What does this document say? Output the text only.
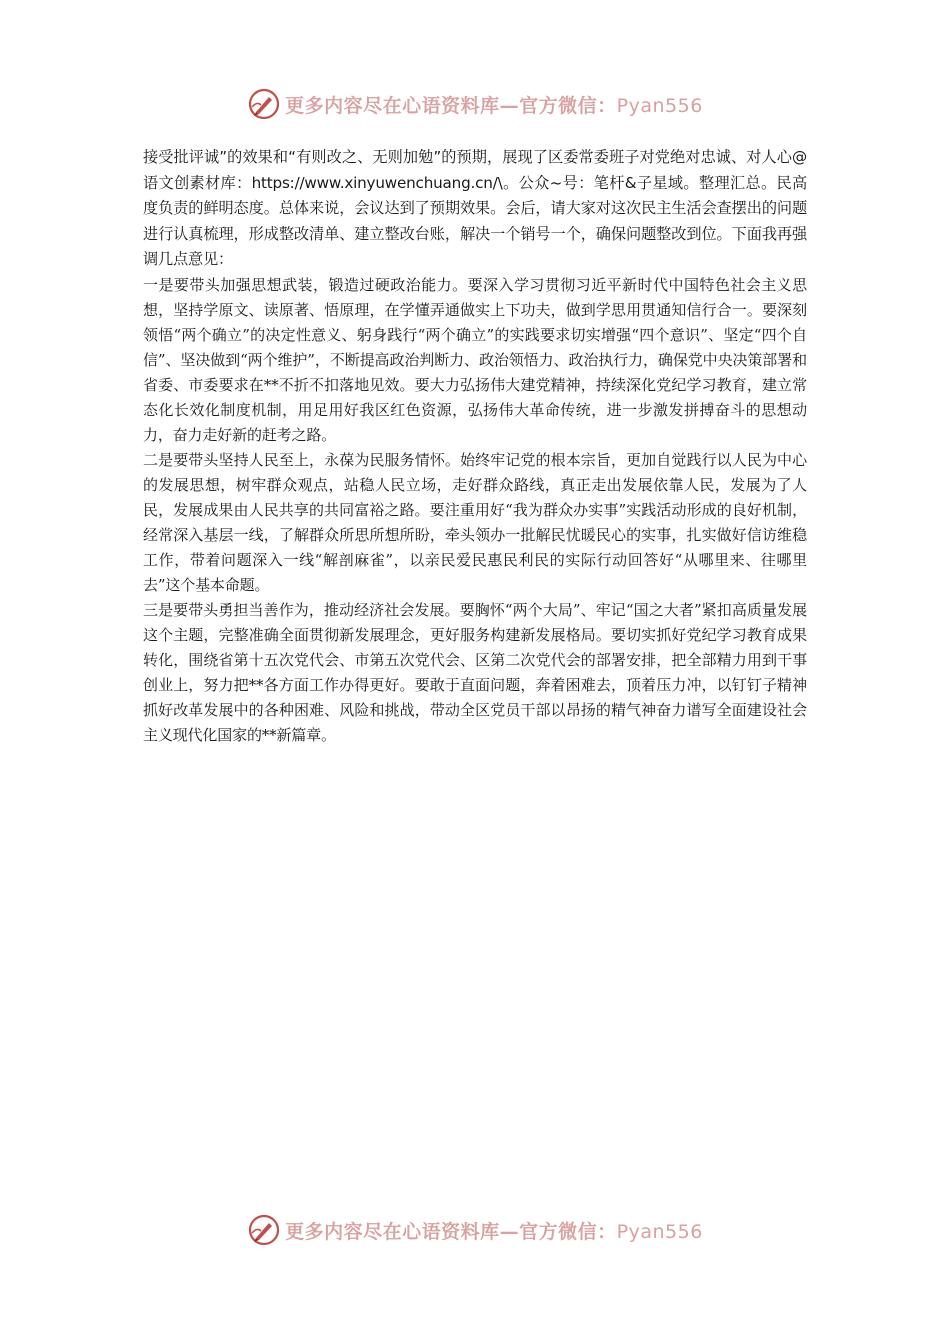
更多内容尽在心语资料库—官方微信：Pyan556

接受批评诚”的效果和“有则改之、无则加勉”的预期，展现了区委常委班子对党绝对忠诚、对人心@语文创素材库：https://www.xinyuwenchuang.cn/\。公众~号：笔杆&子星域。整理汇总。民高度负责的鲜明态度。总体来说，会议达到了预期效果。会后，请大家对这次民主生活会查摆出的问题进行认真梳理，形成整改清单、建立整改台账，解决一个销号一个，确保问题整改到位。下面我再强调几点意见：

一是要带头加强思想武装，锻造过硬政治能力。要深入学习贯彻习近平新时代中国特色社会主义思想，坚持学原文、读原著、悟原理，在学懂弄通做实上下功夫，做到学思用贯通知信行合一。要深刻领悟“两个确立”的决定性意义、躬身践行“两个确立”的实践要求切实增强“四个意识”、坚定“四个自信”、坚决做到“两个维护”，不断提高政治判断力、政治领悟力、政治执行力，确保党中央决策部署和省委、市委要求在**不折不扣落地见效。要大力弘扬伟大建党精神，持续深化党纪学习教育，建立常态化长效化制度机制，用足用好我区红色资源，弘扬伟大革命传统，进一步激发拼搏奋斗的思想动力，奋力走好新的赶考之路。

二是要带头坚持人民至上，永葆为民服务情怀。始终牢记党的根本宗旨，更加自觉践行以人民为中心的发展思想，树牢群众观点，站稳人民立场，走好群众路线，真正走出发展依靠人民，发展为了人民，发展成果由人民共享的共同富裕之路。要注重用好“我为群众办实事”实践活动形成的良好机制，经常深入基层一线，了解群众所思所想所盼，牵头领办一批解民忧暖民心的实事，扎实做好信访维稳工作，带着问题深入一线“解剖麻雀”，以亲民爱民惠民利民的实际行动回答好“从哪里来、往哪里去”这个基本命题。

三是要带头勇担当善作为，推动经济社会发展。要胸怀“两个大局”、牢记“国之大者”紧扣高质量发展这个主题，完整准确全面贯彻新发展理念，更好服务构建新发展格局。要切实抓好党纪学习教育成果转化，围绕省第十五次党代会、市第五次党代会、区第二次党代会的部署安排，把全部精力用到干事创业上，努力把**各方面工作办得更好。要敢于直面问题，奔着困难去，顶着压力冲，以钉钉子精神抓好改革发展中的各种困难、风险和挑战，带动全区党员干部以昂扬的精气神奋力谱写全面建设社会主义现代化国家的**新篇章。

更多内容尽在心语资料库—官方微信：Pyan556
